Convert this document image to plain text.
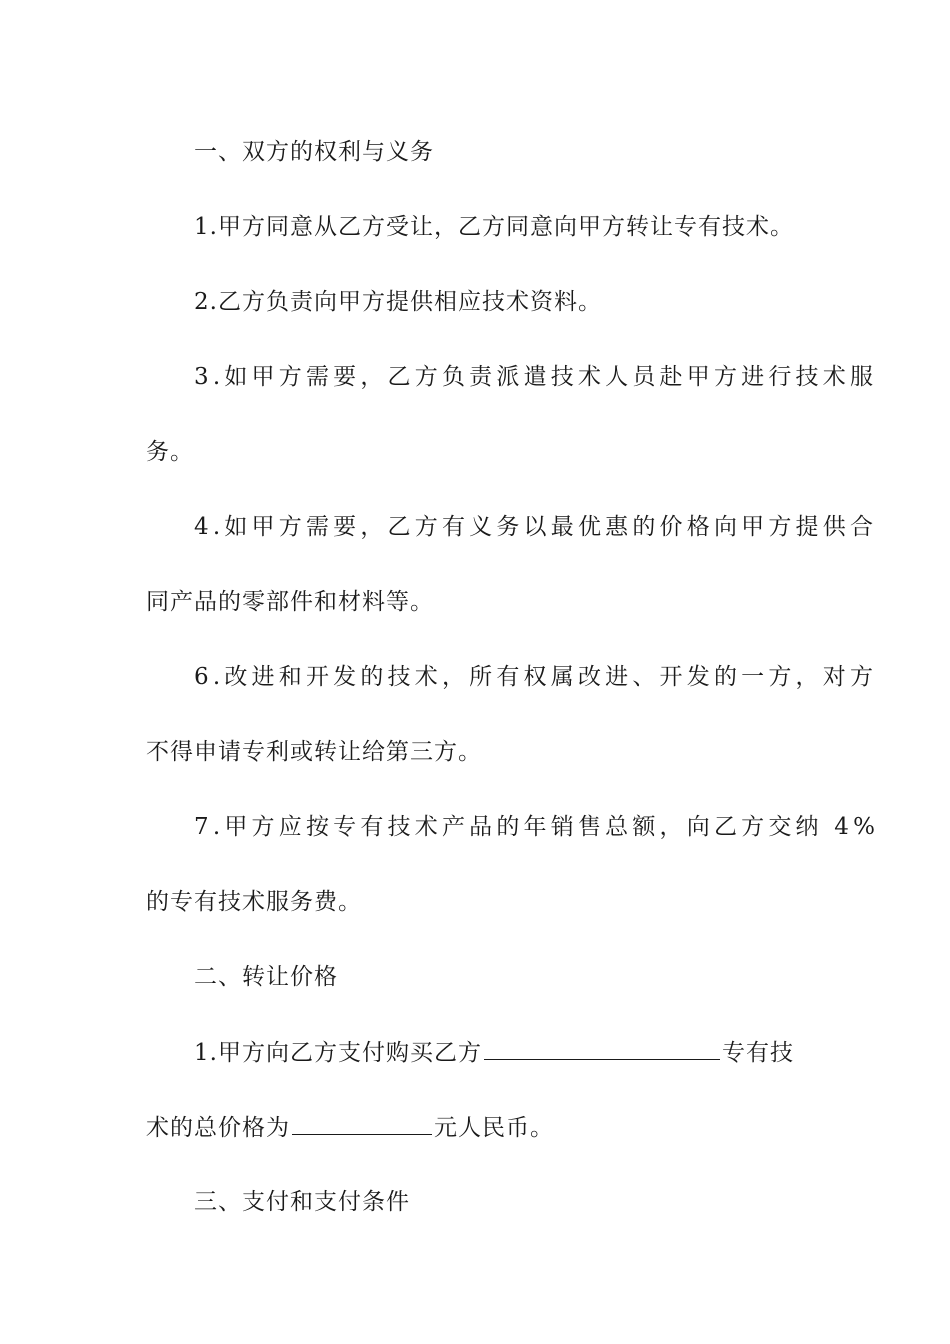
一、双方的权利与义务
1.甲方同意从乙方受让，乙方同意向甲方转让专有技术。
2.乙方负责向甲方提供相应技术资料。
3.如甲方需要，乙方负责派遣技术人员赴甲方进行技术服
务。
4.如甲方需要，乙方有义务以最优惠的价格向甲方提供合
同产品的零部件和材料等。
6.改进和开发的技术，所有权属改进、开发的一方，对方
不得申请专利或转让给第三方。
7.甲方应按专有技术产品的年销售总额，向乙方交纳 4%
的专有技术服务费。
二、转让价格
1.甲方向乙方支付购买乙方	专有技
术的总价格为	元人民币。
三、支付和支付条件
